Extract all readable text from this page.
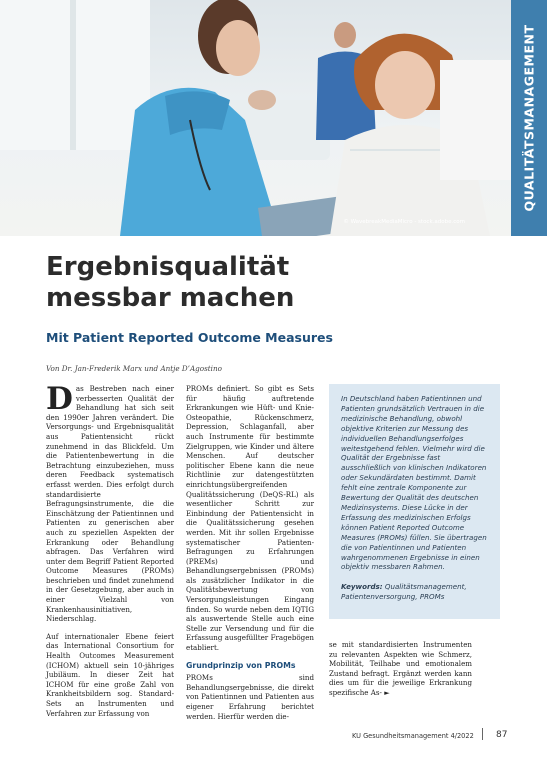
© WavebreakMediaMicro - stock.adobe.com
QUALITÄTSMANAGEMENT
Ergebnisqualität
messbar machen
Mit Patient Reported Outcome Measures
Von Dr. Jan-Frederik Marx und Antje D’Agostino

Das Bestreben nach einer verbesserten Qualität der Behandlung hat sich seit den 1990er Jahren verändert. Die Versorgungs- und Ergebnisqualität aus Patientensicht rückt zunehmend in das Blickfeld. Um die Patientenbewertung in die Betrachtung einzubeziehen, muss deren Feedback systematisch erfasst werden. Dies erfolgt durch standardisierte Befragungsinstrumente, die die Einschätzung der Patientinnen und Patienten zu generischen aber auch zu speziellen Aspekten der Erkrankung oder Behandlung abfragen. Das Verfahren wird unter dem Begriff Patient Reported Outcome Measures (PROMs) beschrieben und findet zunehmend in der Gesetzgebung, aber auch in einer Vielzahl von Krankenhausinitiativen, Niederschlag.

Auf internationaler Ebene feiert das International Consortium for Health Outcomes Measurement (ICHOM) aktuell sein 10-jähriges Jubiläum. In dieser Zeit hat ICHOM für eine große Zahl von Krankheitsbildern sog. Standard-Sets an Instrumenten und Verfahren zur Erfassung von

PROMs definiert. So gibt es Sets für häufig auftretende Erkrankungen wie Hüft- und Knie-Osteopathie, Rückenschmerz, Depression, Schlaganfall, aber auch Instrumente für bestimmte Zielgruppen, wie Kinder und ältere Menschen. Auf deutscher politischer Ebene kann die neue Richtlinie zur datengestützten einrichtungsübergreifenden Qualitätssicherung (DeQS-RL) als wesentlicher Schritt zur Einbindung der Patientensicht in die Qualitätssicherung gesehen werden. Mit ihr sollen Ergebnisse systematischer Patienten-Befragungen zu Erfahrungen (PREMs) und Behandlungsergebnissen (PROMs) als zusätzlicher Indikator in die Qualitätsbewertung von Versorgungsleistungen Eingang finden. So wurde neben dem IQTIG als auswertende Stelle auch eine Stelle zur Versendung und für die Erfassung ausgefüllter Fragebögen etabliert.

Grundprinzip von PROMs

PROMs sind Behandlungsergebnisse, die direkt von Patientinnen und Patienten aus eigener Erfahrung berichtet werden. Hierfür werden die-

In Deutschland haben Patientinnen und Patienten grundsätzlich Vertrauen in die medizinische Behandlung, obwohl objektive Kriterien zur Messung des individuellen Behandlungserfolges weitestgehend fehlen. Vielmehr wird die Qualität der Ergebnisse fast ausschließlich von klinischen Indikatoren oder Sekundärdaten bestimmt. Damit fehlt eine zentrale Komponente zur Bewertung der Qualität des deutschen Medizinsystems. Diese Lücke in der Erfassung des medizinischen Erfolgs können Patient Reported Outcome Measures (PROMs) füllen. Sie übertragen die von Patientinnen und Patienten wahrgenommenen Ergebnisse in einen objektiv messbaren Rahmen.

Keywords: Qualitätsmanagement, Patientenversorgung, PROMs

se mit standardisierten Instrumenten zu relevanten Aspekten wie Schmerz, Mobilität, Teilhabe und emotionalem Zustand befragt. Ergänzt werden kann dies um für die jeweilige Erkrankung spezifische As- ►

KU Gesundheitsmanagement 4/2022 87
